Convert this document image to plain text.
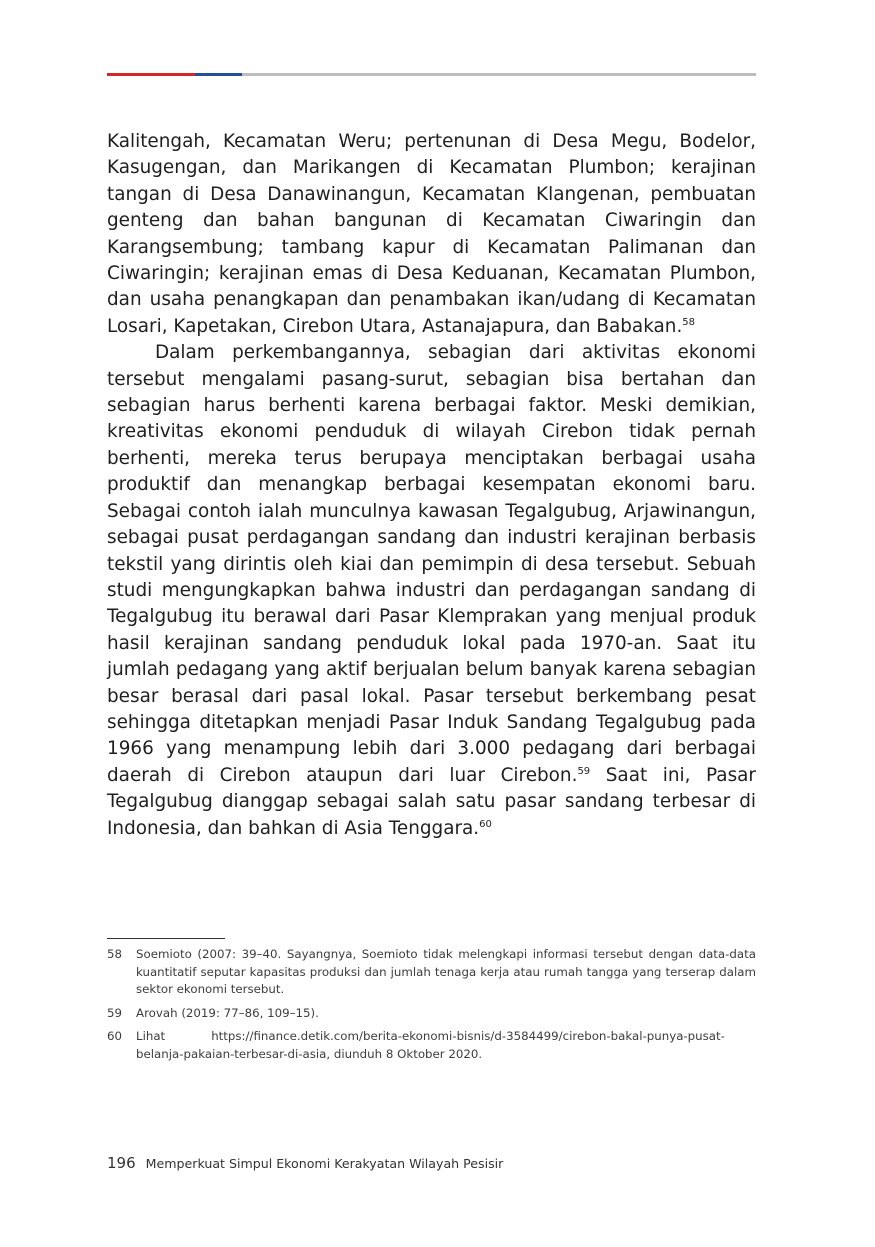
Kalitengah, Kecamatan Weru; pertenunan di Desa Megu, Bodelor, Kasugengan, dan Marikangen di Kecamatan Plumbon; kerajinan tangan di Desa Danawinangun, Kecamatan Klangenan, pembuatan genteng dan bahan bangunan di Kecamatan Ciwaringin dan Karangsembung; tambang kapur di Kecamatan Palimanan dan Ciwaringin; kerajinan emas di Desa Keduanan, Kecamatan Plumbon, dan usaha penangkapan dan penambakan ikan/udang di Kecamatan Losari, Kapetakan, Cirebon Utara, Astanajapura, dan Babakan.$^{58}$

Dalam perkembangannya, sebagian dari aktivitas ekonomi tersebut mengalami pasang-surut, sebagian bisa bertahan dan sebagian harus berhenti karena berbagai faktor. Meski demikian, kreativitas ekonomi penduduk di wilayah Cirebon tidak pernah berhenti, mereka terus berupaya menciptakan berbagai usaha produktif dan menangkap berbagai kesempatan ekonomi baru. Sebagai contoh ialah munculnya kawasan Tegalgubug, Arjawinangun, sebagai pusat perdagangan sandang dan industri kerajinan berbasis tekstil yang dirintis oleh kiai dan pemimpin di desa tersebut. Sebuah studi mengungkapkan bahwa industri dan perdagangan sandang di Tegalgubug itu berawal dari Pasar Klemprakan yang menjual produk hasil kerajinan sandang penduduk lokal pada 1970-an. Saat itu jumlah pedagang yang aktif berjualan belum banyak karena sebagian besar berasal dari pasal lokal. Pasar tersebut berkembang pesat sehingga ditetapkan menjadi Pasar Induk Sandang Tegalgubug pada 1966 yang menampung lebih dari 3.000 pedagang dari berbagai daerah di Cirebon ataupun dari luar Cirebon.$^{59}$ Saat ini, Pasar Tegalgubug dianggap sebagai salah satu pasar sandang terbesar di Indonesia, dan bahkan di Asia Tenggara.$^{60}$

58	Soemioto (2007: 39–40. Sayangnya, Soemioto tidak melengkapi informasi tersebut dengan data-data kuantitatif seputar kapasitas produksi dan jumlah tenaga kerja atau rumah tangga yang terserap dalam sektor ekonomi tersebut.
59	Arovah (2019: 77–86, 109–15).
60	Lihat	https://finance.detik.com/berita-ekonomi-bisnis/d-3584499/cirebon-bakal-punya-pusat-belanja-pakaian-terbesar-di-asia, diunduh 8 Oktober 2020.
196 Memperkuat Simpul Ekonomi Kerakyatan Wilayah Pesisir
